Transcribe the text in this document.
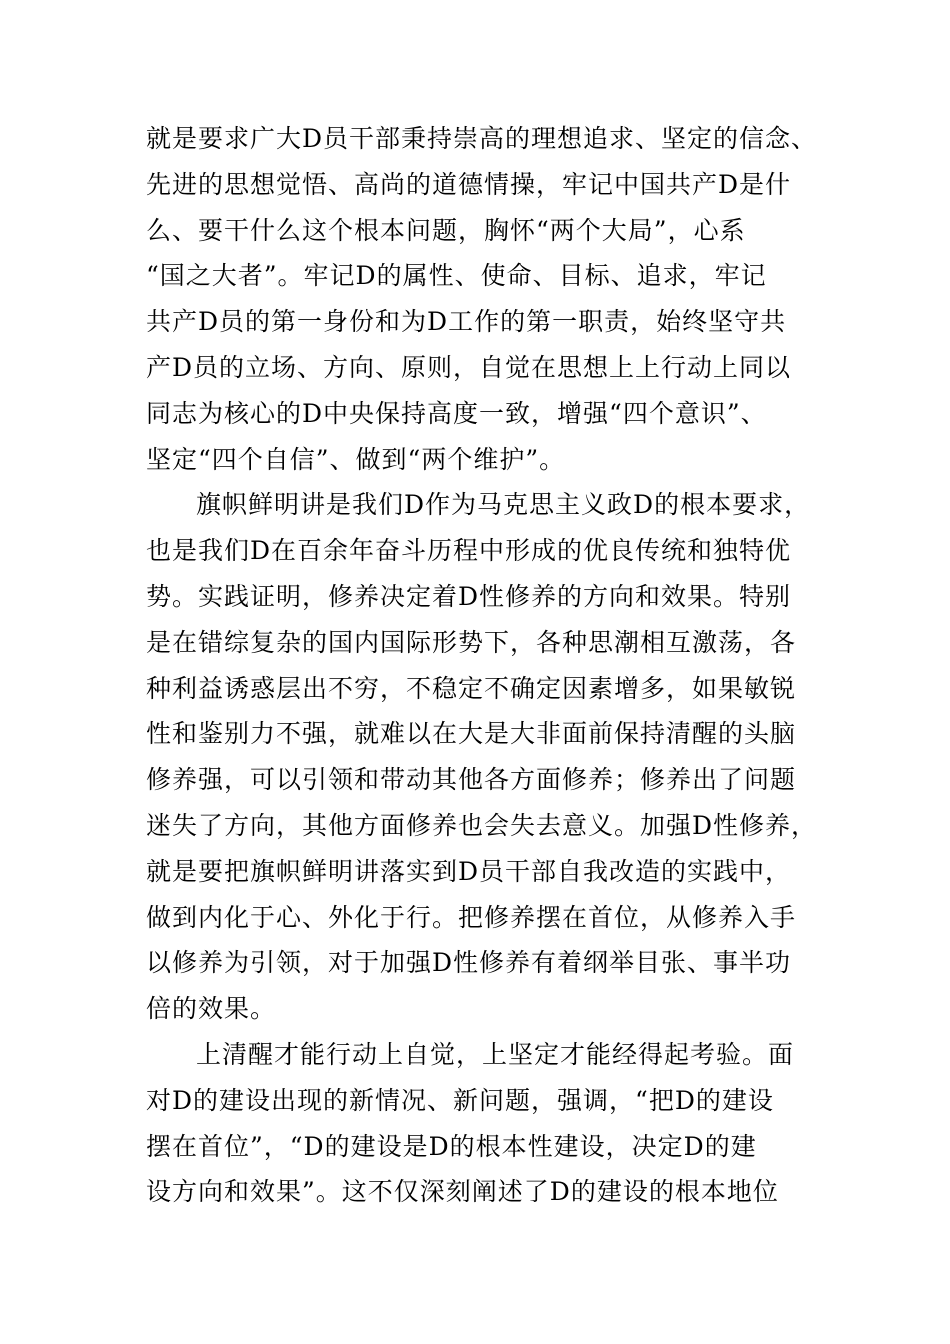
就是要求广大D员干部秉持崇高的理想追求、坚定的信念、
先进的思想觉悟、高尚的道德情操，牢记中国共产D是什
么、要干什么这个根本问题，胸怀“两个大局”，心系
“国之大者”。牢记D的属性、使命、目标、追求，牢记
共产D员的第一身份和为D工作的第一职责，始终坚守共
产D员的立场、方向、原则，自觉在思想上上行动上同以
同志为核心的D中央保持高度一致，增强“四个意识”、
坚定“四个自信”、做到“两个维护”。
旗帜鲜明讲是我们D作为马克思主义政D的根本要求，
也是我们D在百余年奋斗历程中形成的优良传统和独特优
势。实践证明，修养决定着D性修养的方向和效果。特别
是在错综复杂的国内国际形势下，各种思潮相互激荡，各
种利益诱惑层出不穷，不稳定不确定因素增多，如果敏锐
性和鉴别力不强，就难以在大是大非面前保持清醒的头脑
修养强，可以引领和带动其他各方面修养；修养出了问题
迷失了方向，其他方面修养也会失去意义。加强D性修养，
就是要把旗帜鲜明讲落实到D员干部自我改造的实践中，
做到内化于心、外化于行。把修养摆在首位，从修养入手
以修养为引领，对于加强D性修养有着纲举目张、事半功
倍的效果。
上清醒才能行动上自觉，上坚定才能经得起考验。面
对D的建设出现的新情况、新问题，强调，“把D的建设
摆在首位”，“D的建设是D的根本性建设，决定D的建
设方向和效果”。这不仅深刻阐述了D的建设的根本地位
